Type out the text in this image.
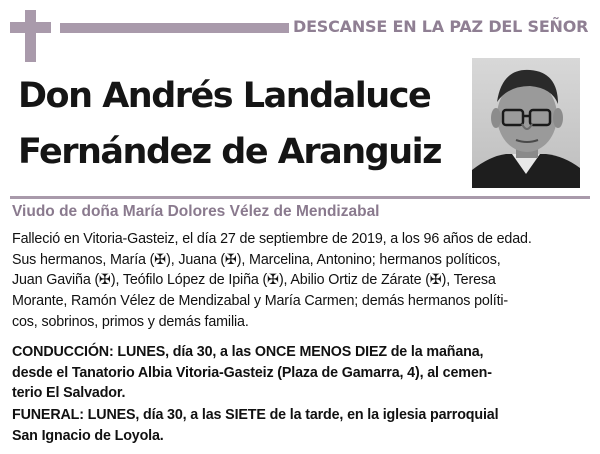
DESCANSE EN LA PAZ DEL SEÑOR
Don Andrés Landaluce
Fernández de Aranguiz
Viudo de doña María Dolores Vélez de Mendizabal
Falleció en Vitoria-Gasteiz, el día 27 de septiembre de 2019, a los 96 años de edad.
Sus hermanos, María (✠), Juana (✠), Marcelina, Antonino; hermanos políticos,
Juan Gaviña (✠), Teófilo López de Ipiña (✠), Abilio Ortiz de Zárate (✠), Teresa
Morante, Ramón Vélez de Mendizabal y María Carmen; demás hermanos políti-
cos, sobrinos, primos y demás familia.
CONDUCCIÓN: LUNES, día 30, a las ONCE MENOS DIEZ de la mañana,
desde el Tanatorio Albia Vitoria-Gasteiz (Plaza de Gamarra, 4), al cemen-
terio El Salvador.
FUNERAL: LUNES, día 30, a las SIETE de la tarde, en la iglesia parroquial
San Ignacio de Loyola.
